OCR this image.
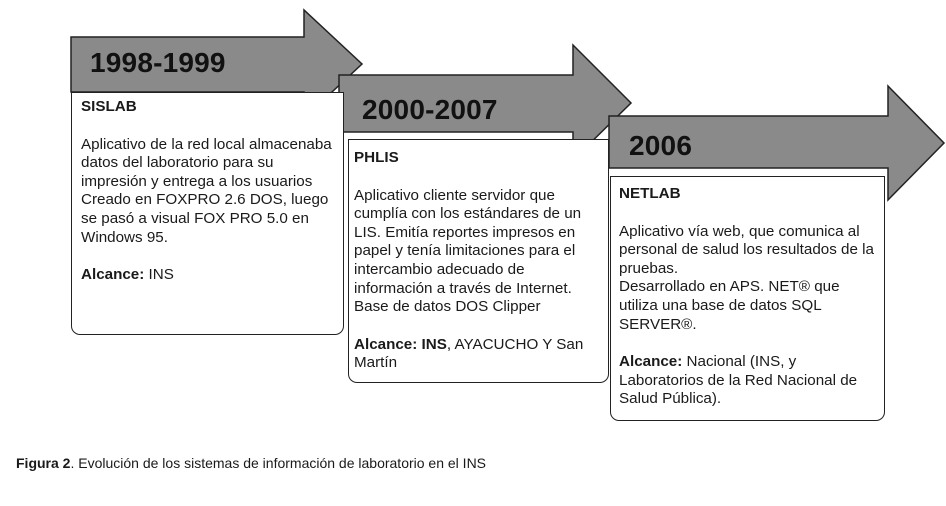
1998-1999
SISLAB

Aplicativo de la red local almacenaba datos del laboratorio para su impresión y entrega a los usuarios

Creado en FOXPRO 2.6 DOS, luego se pasó a visual FOX PRO 5.0 en Windows 95.

Alcance: INS

2000-2007
PHLIS

Aplicativo cliente servidor que cumplía con los estándares de un LIS. Emitía reportes impresos en papel y tenía limitaciones para el intercambio adecuado de información a través de Internet.

Base de datos DOS Clipper

Alcance: INS, AYACUCHO Y San Martín

2006
NETLAB

Aplicativo vía web, que comunica al personal de salud los resultados de la pruebas.

Desarrollado en APS. NET® que utiliza una base de datos SQL SERVER®.

Alcance: Nacional (INS, y Laboratorios de la Red Nacional de Salud Pública).

Figura 2. Evolución de los sistemas de información de laboratorio en el INS
